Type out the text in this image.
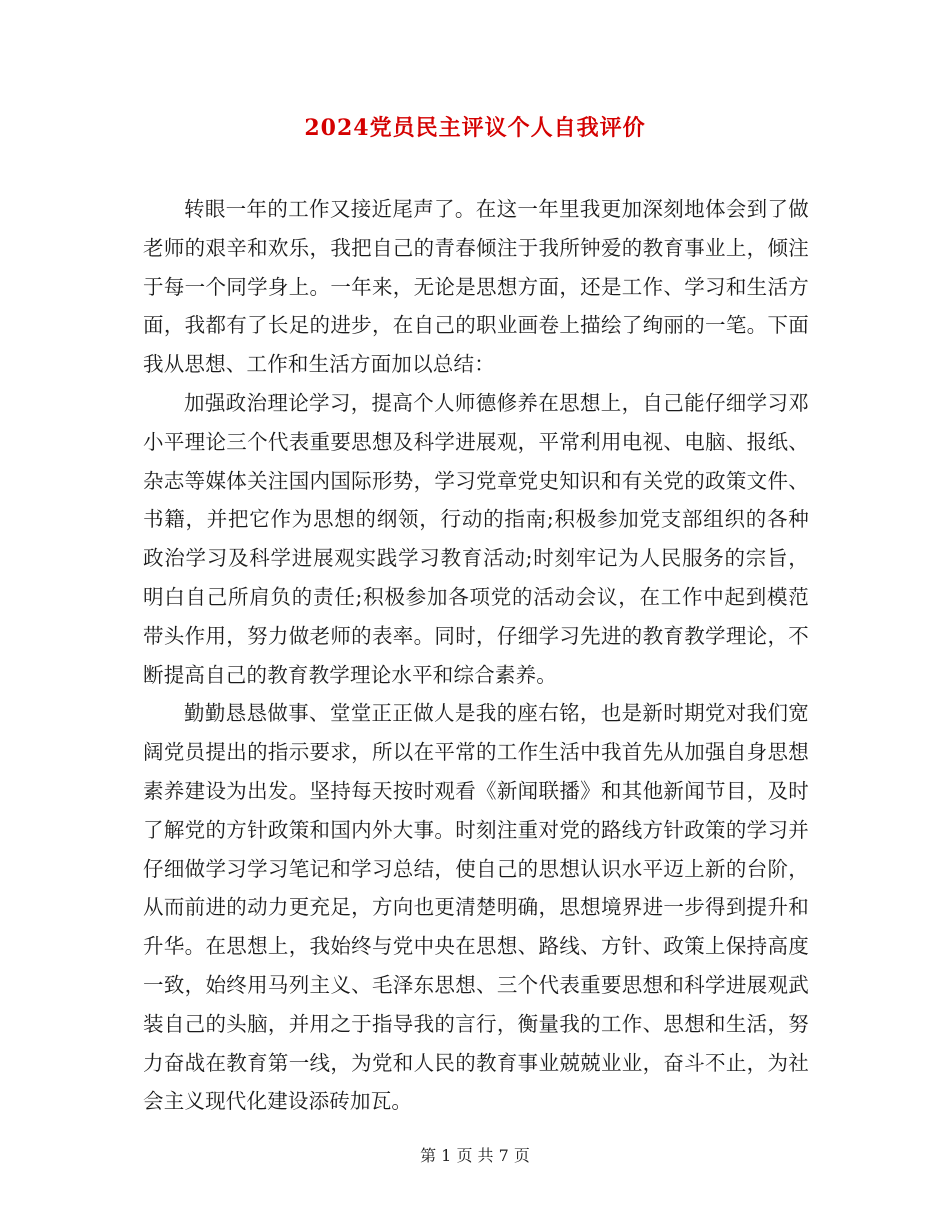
2024党员民主评议个人自我评价

转眼一年的工作又接近尾声了。在这一年里我更加深刻地体会到了做老师的艰辛和欢乐，我把自己的青春倾注于我所钟爱的教育事业上，倾注于每一个同学身上。一年来，无论是思想方面，还是工作、学习和生活方面，我都有了长足的进步，在自己的职业画卷上描绘了绚丽的一笔。下面我从思想、工作和生活方面加以总结：

加强政治理论学习，提高个人师德修养在思想上，自己能仔细学习邓小平理论三个代表重要思想及科学进展观，平常利用电视、电脑、报纸、杂志等媒体关注国内国际形势，学习党章党史知识和有关党的政策文件、书籍，并把它作为思想的纲领，行动的指南;积极参加党支部组织的各种政治学习及科学进展观实践学习教育活动;时刻牢记为人民服务的宗旨，明白自己所肩负的责任;积极参加各项党的活动会议，在工作中起到模范带头作用，努力做老师的表率。同时，仔细学习先进的教育教学理论，不断提高自己的教育教学理论水平和综合素养。

勤勤恳恳做事、堂堂正正做人是我的座右铭，也是新时期党对我们宽阔党员提出的指示要求，所以在平常的工作生活中我首先从加强自身思想素养建设为出发。坚持每天按时观看《新闻联播》和其他新闻节目，及时了解党的方针政策和国内外大事。时刻注重对党的路线方针政策的学习并仔细做学习学习笔记和学习总结，使自己的思想认识水平迈上新的台阶，从而前进的动力更充足，方向也更清楚明确，思想境界进一步得到提升和升华。在思想上，我始终与党中央在思想、路线、方针、政策上保持高度一致，始终用马列主义、毛泽东思想、三个代表重要思想和科学进展观武装自己的头脑，并用之于指导我的言行，衡量我的工作、思想和生活，努力奋战在教育第一线，为党和人民的教育事业兢兢业业，奋斗不止，为社会主义现代化建设添砖加瓦。

第 1 页 共 7 页
